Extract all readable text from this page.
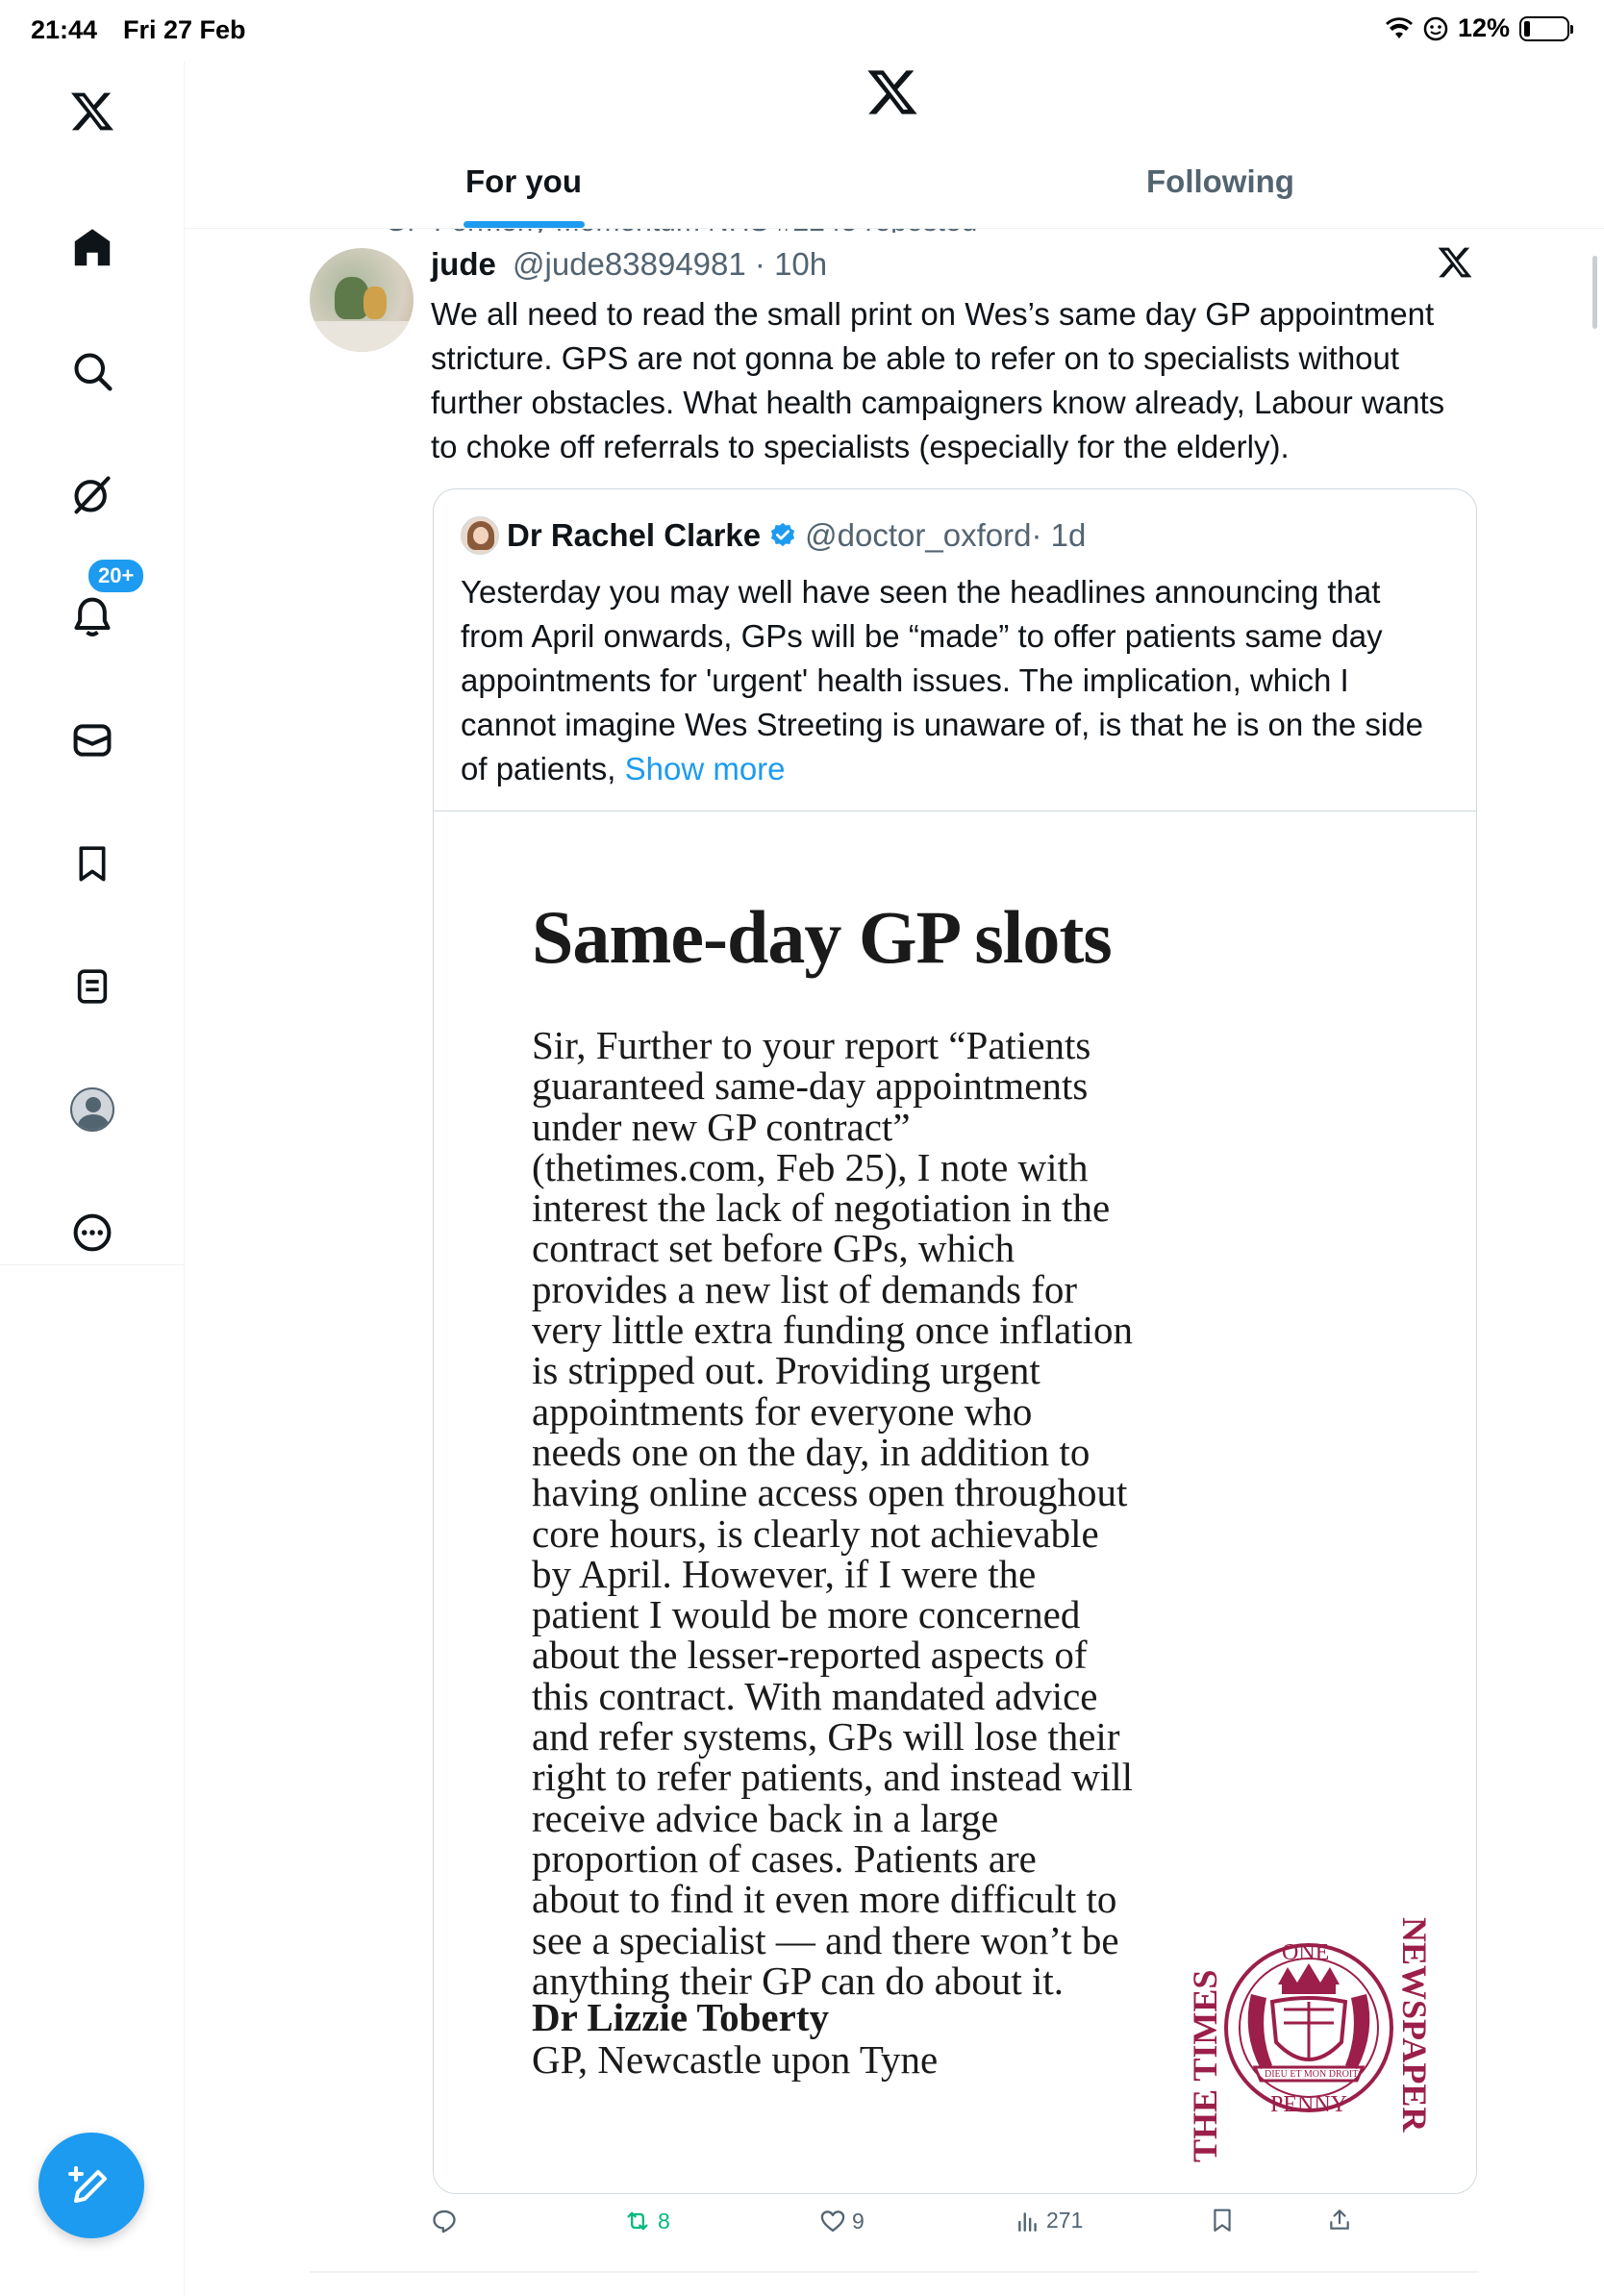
21:44 Fri 27 Feb	12%
20+
For you	Following
jude @jude83894981 · 10h
We all need to read the small print on Wes’s same day GP appointment stricture. GPS are not gonna be able to refer on to specialists without further obstacles. What health campaigners know already, Labour wants to choke off referrals to specialists (especially for the elderly).
Dr Rachel Clarke @doctor_oxford · 1d
Yesterday you may well have seen the headlines announcing that from April onwards, GPs will be “made” to offer patients same day appointments for 'urgent' health issues. The implication, which I cannot imagine Wes Streeting is unaware of, is that he is on the side of patients, Show more
Same-day GP slots
Sir, Further to your report “Patients
guaranteed same-day appointments
under new GP contract”
(thetimes.com, Feb 25), I note with
interest the lack of negotiation in the
contract set before GPs, which
provides a new list of demands for
very little extra funding once inflation
is stripped out. Providing urgent
appointments for everyone who
needs one on the day, in addition to
having online access open throughout
core hours, is clearly not achievable
by April. However, if I were the
patient I would be more concerned
about the lesser-reported aspects of
this contract. With mandated advice
and refer systems, GPs will lose their
right to refer patients, and instead will
receive advice back in a large
proportion of cases. Patients are
about to find it even more difficult to
see a specialist — and there won’t be
anything their GP can do about it.
Dr Lizzie Toberty
GP, Newcastle upon Tyne	THE TIMES	NEWSPAPER
ONE
PENNY
DIEU ET MON DROIT
8	9	271
